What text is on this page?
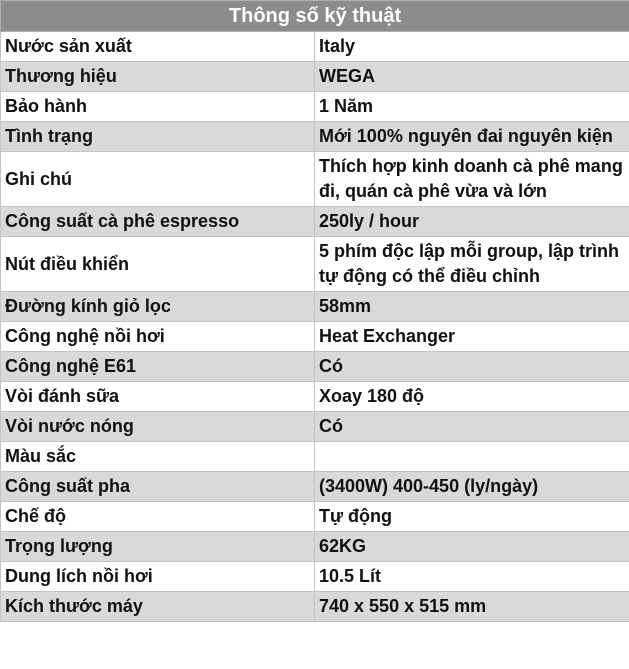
Thông số kỹ thuật	
Nước sản xuất	Italy
Thương hiệu	WEGA
Bảo hành	1 Năm
Tình trạng	Mới 100% nguyên đai nguyên kiện
Ghi chú	Thích hợp kinh doanh cà phê mang đi, quán cà phê vừa và lớn
Công suất cà phê espresso	250ly / hour
Nút điều khiển	5 phím độc lập mỗi group, lập trình tự động có thể điều chỉnh
Đường kính giỏ lọc	58mm
Công nghệ nồi hơi	Heat Exchanger
Công nghệ E61	Có
Vòi đánh sữa	Xoay 180 độ
Vòi nước nóng	Có
Màu sắc	
Công suất pha	(3400W) 400-450 (ly/ngày)
Chế độ	Tự động
Trọng lượng	62KG
Dung lích nồi hơi	10.5 Lít
Kích thước máy	740 x 550 x 515 mm
